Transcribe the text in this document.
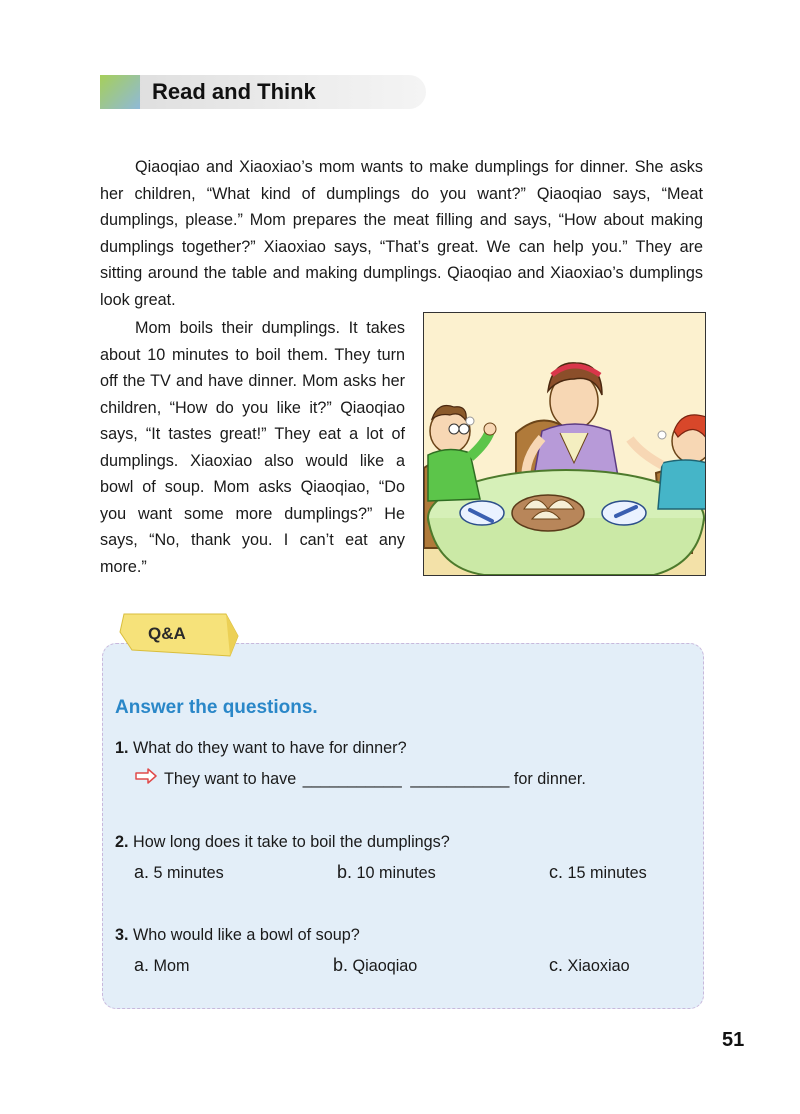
Read and Think

Qiaoqiao and Xiaoxiao’s mom wants to make dumplings for dinner. She asks her children, “What kind of dumplings do you want?” Qiaoqiao says, “Meat dumplings, please.” Mom prepares the meat filling and says, “How about making dumplings together?” Xiaoxiao says, “That’s great. We can help you.” They are sitting around the table and making dumplings. Qiaoqiao and Xiaoxiao’s dumplings look great.

Mom boils their dumplings. It takes about 10 minutes to boil them. They turn off the TV and have dinner. Mom asks her children, “How do you like it?” Qiaoqiao says, “It tastes great!” They eat a lot of dumplings. Xiaoxiao also would like a bowl of soup. Mom asks Qiaoqiao, “Do you want some more dumplings?” He says, “No, thank you. I can’t eat any more.”

Q&A
Answer the questions.
1. What do they want to have for dinner?
They want to have ___________ ___________ for dinner.
2. How long does it take to boil the dumplings?
a. 5 minutes	b. 10 minutes	c. 15 minutes
3. Who would like a bowl of soup?
a. Mom	b. Qiaoqiao	c. Xiaoxiao
51
